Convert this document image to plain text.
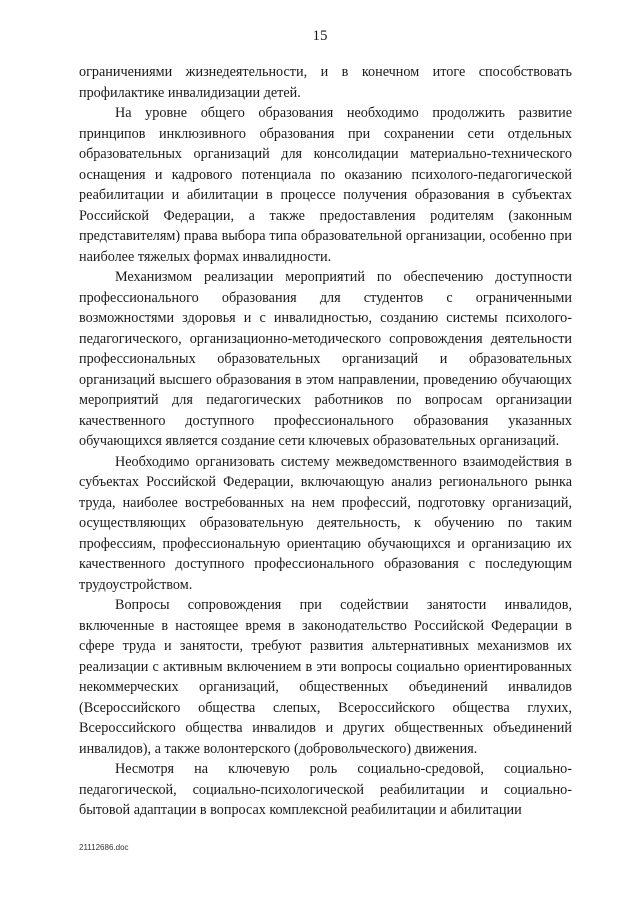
15

ограничениями жизнедеятельности, и в конечном итоге способствовать профилактике инвалидизации детей.

На уровне общего образования необходимо продолжить развитие принципов инклюзивного образования при сохранении сети отдельных образовательных организаций для консолидации материально-технического оснащения и кадрового потенциала по оказанию психолого-педагогической реабилитации и абилитации в процессе получения образования в субъектах Российской Федерации, а также предоставления родителям (законным представителям) права выбора типа образовательной организации, особенно при наиболее тяжелых формах инвалидности.

Механизмом реализации мероприятий по обеспечению доступности профессионального образования для студентов с ограниченными возможностями здоровья и с инвалидностью, созданию системы психолого-педагогического, организационно-методического сопровождения деятельности профессиональных образовательных организаций и образовательных организаций высшего образования в этом направлении, проведению обучающих мероприятий для педагогических работников по вопросам организации качественного доступного профессионального образования указанных обучающихся является создание сети ключевых образовательных организаций.

Необходимо организовать систему межведомственного взаимодействия в субъектах Российской Федерации, включающую анализ регионального рынка труда, наиболее востребованных на нем профессий, подготовку организаций, осуществляющих образовательную деятельность, к обучению по таким профессиям, профессиональную ориентацию обучающихся и организацию их качественного доступного профессионального образования с последующим трудоустройством.

Вопросы сопровождения при содействии занятости инвалидов, включенные в настоящее время в законодательство Российской Федерации в сфере труда и занятости, требуют развития альтернативных механизмов их реализации с активным включением в эти вопросы социально ориентированных некоммерческих организаций, общественных объединений инвалидов (Всероссийского общества слепых, Всероссийского общества глухих, Всероссийского общества инвалидов и других общественных объединений инвалидов), а также волонтерского (добровольческого) движения.

Несмотря на ключевую роль социально-средовой, социально-педагогической, социально-психологической реабилитации и социально-бытовой адаптации в вопросах комплексной реабилитации и абилитации

21112686.doc
